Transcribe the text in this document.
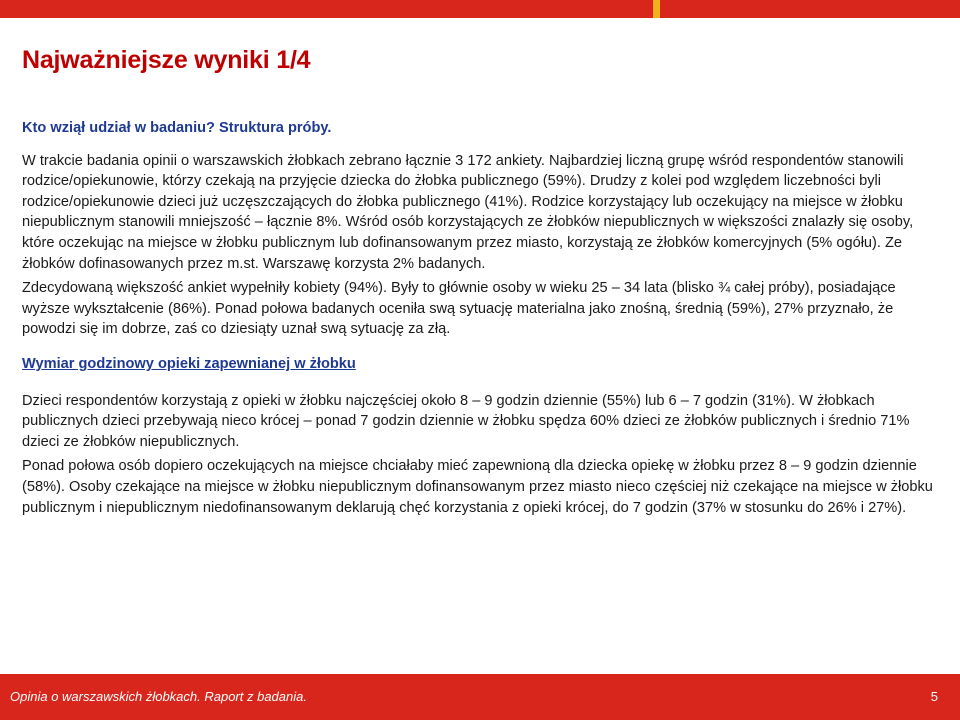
Najważniejsze wyniki 1/4

Kto wziął udział w badaniu? Struktura próby.

W trakcie badania opinii o warszawskich żłobkach zebrano łącznie 3 172 ankiety. Najbardziej liczną grupę wśród respondentów stanowili rodzice/opiekunowie, którzy czekają na przyjęcie dziecka do żłobka publicznego (59%). Drudzy z kolei pod względem liczebności byli rodzice/opiekunowie dzieci już uczęszczających do żłobka publicznego (41%). Rodzice korzystający lub oczekujący na miejsce w żłobku niepublicznym stanowili mniejszość – łącznie 8%. Wśród osób korzystających ze żłobków niepublicznych w większości znalazły się osoby, które oczekując na miejsce w żłobku publicznym lub dofinansowanym przez miasto, korzystają ze żłobków komercyjnych (5% ogółu). Ze żłobków dofinasowanych przez m.st. Warszawę korzysta 2% badanych.

Zdecydowaną większość ankiet wypełniły kobiety (94%). Były to głównie osoby w wieku 25 – 34 lata (blisko ¾ całej próby), posiadające wyższe wykształcenie (86%). Ponad połowa badanych oceniła swą sytuację materialna jako znośną, średnią (59%), 27% przyznało, że powodzi się im dobrze, zaś co dziesiąty uznał swą sytuację za złą.

Wymiar godzinowy opieki zapewnianej w żłobku

Dzieci respondentów korzystają z opieki w żłobku najczęściej około 8 – 9 godzin dziennie (55%) lub 6 – 7 godzin (31%). W żłobkach publicznych dzieci przebywają nieco krócej – ponad 7 godzin dziennie w żłobku spędza 60% dzieci ze żłobków publicznych i średnio 71% dzieci ze żłobków niepublicznych.

Ponad połowa osób dopiero oczekujących na miejsce chciałaby mieć zapewnioną dla dziecka opiekę w żłobku przez 8 – 9 godzin dziennie (58%). Osoby czekające na miejsce w żłobku niepublicznym dofinansowanym przez miasto nieco częściej niż czekające na miejsce w żłobku publicznym i niepublicznym niedofinansowanym deklarują chęć korzystania z opieki krócej, do 7 godzin (37% w stosunku do 26% i 27%).

Opinia o warszawskich żłobkach. Raport z badania.	5
